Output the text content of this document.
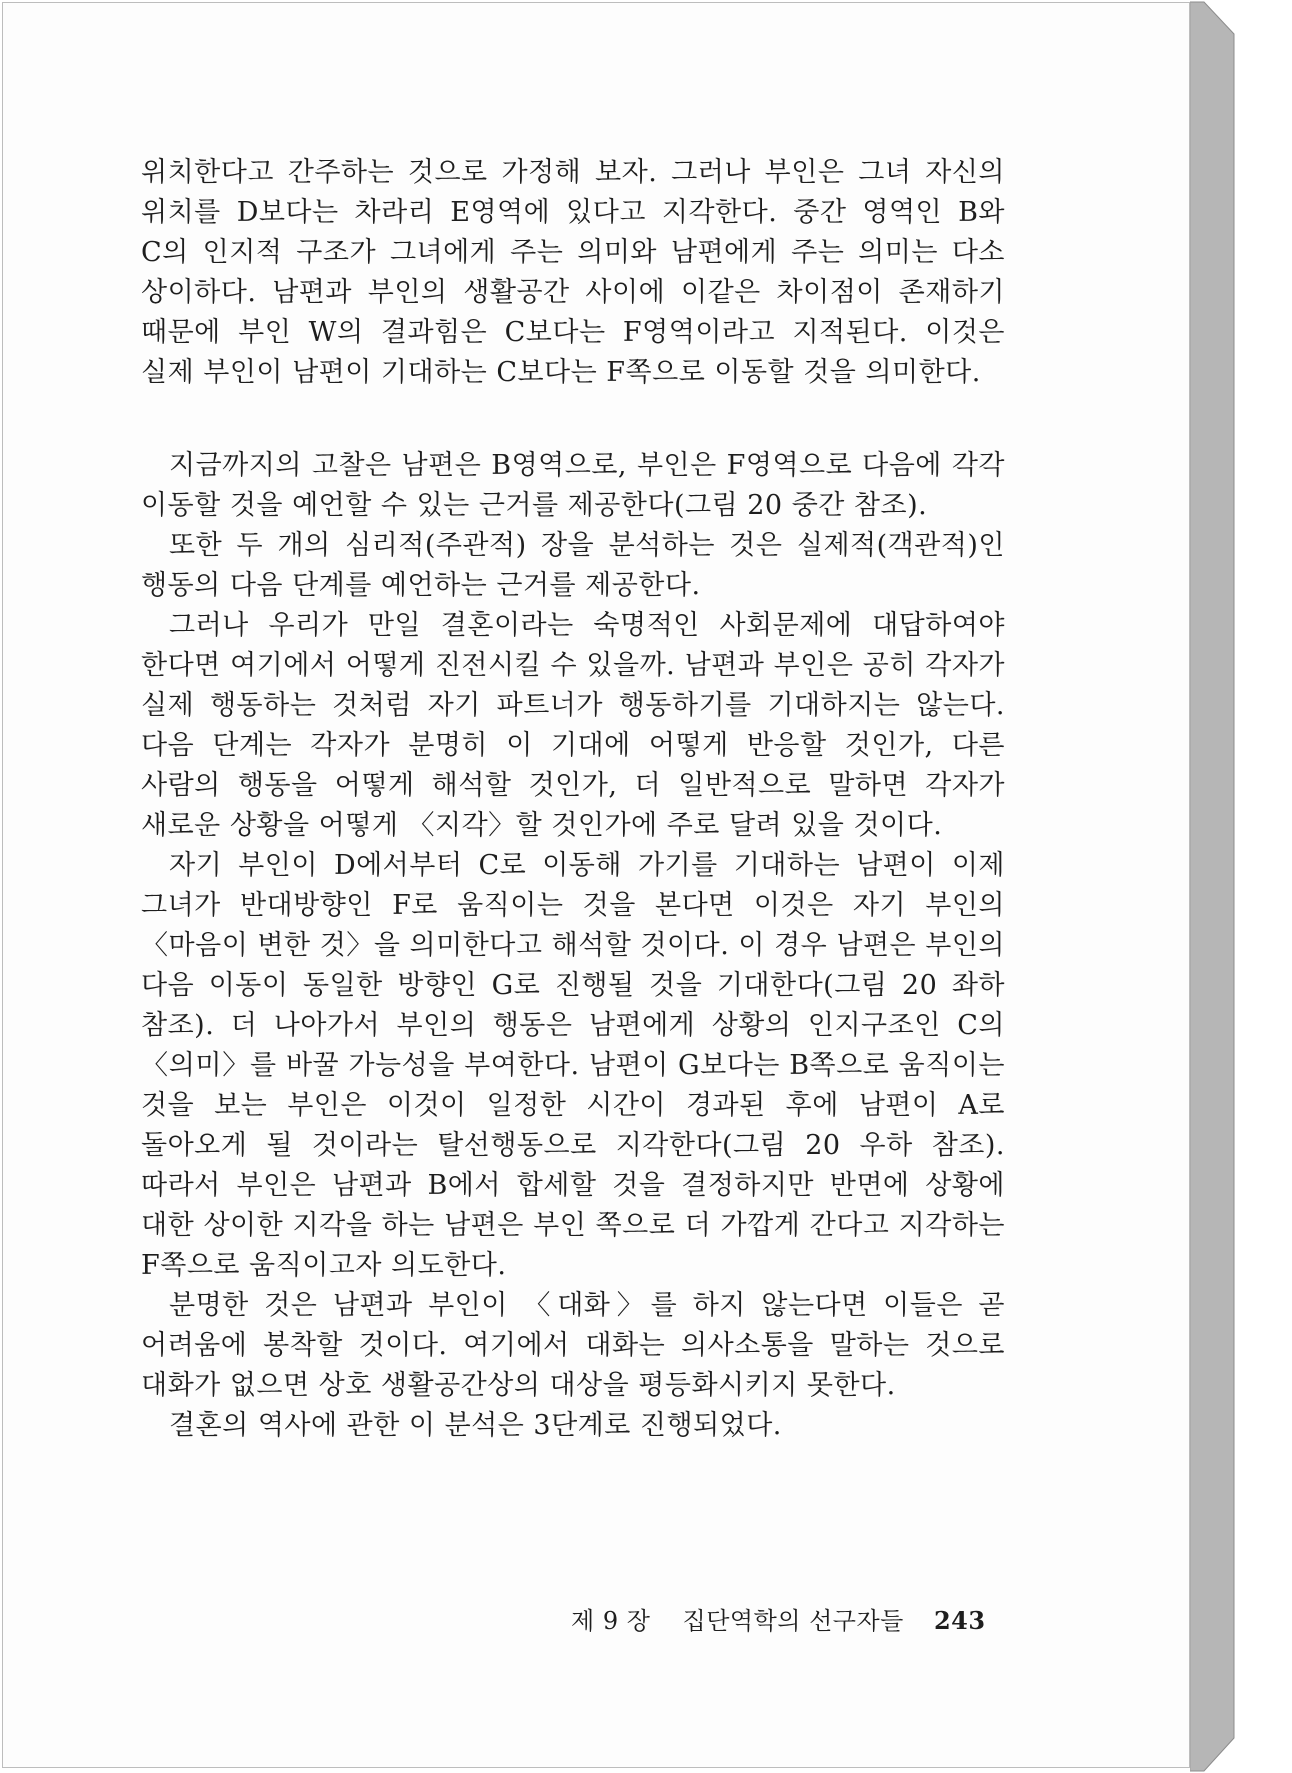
위치한다고 간주하는 것으로 가정해 보자. 그러나 부인은 그녀 자신의 위치를 D보다는 차라리 E영역에 있다고 지각한다. 중간 영역인 B와 C의 인지적 구조가 그녀에게 주는 의미와 남편에게 주는 의미는 다소 상이하다. 남편과 부인의 생활공간 사이에 이같은 차이점이 존재하기 때문에 부인 W의 결과힘은 C보다는 F영역이라고 지적된다. 이것은 실제 부인이 남편이 기대하는 C보다는 F쪽으로 이동할 것을 의미한다.

지금까지의 고찰은 남편은 B영역으로, 부인은 F영역으로 다음에 각각 이동할 것을 예언할 수 있는 근거를 제공한다(그림 20 중간 참조).

또한 두 개의 심리적(주관적) 장을 분석하는 것은 실제적(객관적)인 행동의 다음 단계를 예언하는 근거를 제공한다.

그러나 우리가 만일 결혼이라는 숙명적인 사회문제에 대답하여야 한다면 여기에서 어떻게 진전시킬 수 있을까. 남편과 부인은 공히 각자가 실제 행동하는 것처럼 자기 파트너가 행동하기를 기대하지는 않는다. 다음 단계는 각자가 분명히 이 기대에 어떻게 반응할 것인가, 다른 사람의 행동을 어떻게 해석할 것인가, 더 일반적으로 말하면 각자가 새로운 상황을 어떻게 〈지각〉할 것인가에 주로 달려 있을 것이다.

자기 부인이 D에서부터 C로 이동해 가기를 기대하는 남편이 이제 그녀가 반대방향인 F로 움직이는 것을 본다면 이것은 자기 부인의 〈마음이 변한 것〉을 의미한다고 해석할 것이다. 이 경우 남편은 부인의 다음 이동이 동일한 방향인 G로 진행될 것을 기대한다(그림 20 좌하 참조). 더 나아가서 부인의 행동은 남편에게 상황의 인지구조인 C의 〈의미〉를 바꿀 가능성을 부여한다. 남편이 G보다는 B쪽으로 움직이는 것을 보는 부인은 이것이 일정한 시간이 경과된 후에 남편이 A로 돌아오게 될 것이라는 탈선행동으로 지각한다(그림 20 우하 참조). 따라서 부인은 남편과 B에서 합세할 것을 결정하지만 반면에 상황에 대한 상이한 지각을 하는 남편은 부인 쪽으로 더 가깝게 간다고 지각하는 F쪽으로 움직이고자 의도한다.

분명한 것은 남편과 부인이 〈대화〉를 하지 않는다면 이들은 곧 어려움에 봉착할 것이다. 여기에서 대화는 의사소통을 말하는 것으로 대화가 없으면 상호 생활공간상의 대상을 평등화시키지 못한다.

결혼의 역사에 관한 이 분석은 3단계로 진행되었다.

제 9 장 집단역학의 선구자들 243
